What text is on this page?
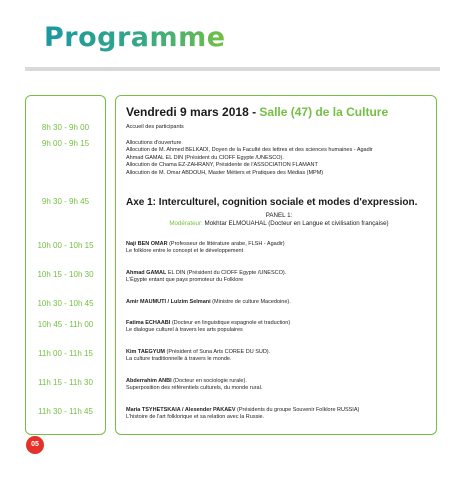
Programme
8h 30 - 9h 00
9h 00 - 9h 15
9h 30 - 9h 45
10h 00 - 10h 15
10h 15 - 10h 30
10h 30 - 10h 45
10h 45 - 11h 00
11h 00 - 11h 15
11h 15 - 11h 30
11h 30 - 11h 45
Vendredi 9 mars 2018 - Salle (47) de la Culture
Accueil des participants
Allocutions d'ouverture
Allocution de M. Ahmed BELKADI, Doyen de la Faculté des lettres et des sciences humaines - Agadir
Ahmad GAMAL EL DIN (Président du CIOFF Egypte /UNESCO).
Allocution de Chama EZ-ZAHRANY, Présidente de l'ASSOCIATION FLAMANT
Allocution de M. Omar ABDOUH, Master Métiers et Pratiques des Médias (MPM)
Axe 1: Interculturel, cognition sociale et modes d'expression.
PANEL 1:
Modérateur: Mokhtar ELMOUAHAL (Docteur en Langue et civilisation française)
Naji BEN OMAR (Professeur de littérature arabe, FLSH - Agadir)
Le folklore entre le concept et le développement
Ahmad GAMAL EL DIN (Président du CIOFF Egypte /UNESCO).
L'Égypte entant que pays promoteur du Folklore
Amir MAUMUTI / Lulzim Selmani (Ministre de culture Macedoine).
Fatima ECHAABI (Docteur en linguistique espagnole et traduction)
Le dialogue culturel à travers les arts populaires
Kim TAEGYUM (Président of Suna Arts COREE DU SUD).
La culture traditionnelle à travers le monde.
Abderrahim ANBI (Docteur en sociologie rurale).
Superposition des référentiels culturels, du monde rural.
Maria TSYHETSKAIA / Alexender PAKAEV (Présidents du groupe Souvenir Folklore RUSSIA)
L'histoire de l'art folklorique et sa relation avec la Russie.
05
